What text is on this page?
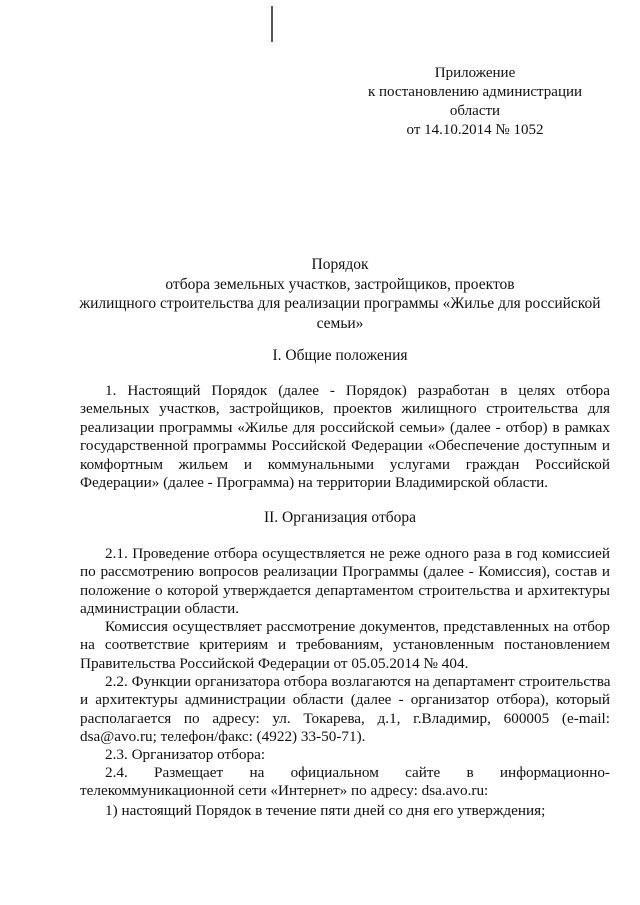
Приложение
к постановлению администрации
области
от 14.10.2014 № 1052
Порядок
отбора земельных участков, застройщиков, проектов
жилищного строительства для реализации программы «Жилье для российской
семьи»
I. Общие положения
1. Настоящий Порядок (далее - Порядок) разработан в целях отбора
земельных участков, застройщиков, проектов жилищного строительства для
реализации программы «Жилье для российской семьи» (далее - отбор) в рамках
государственной программы Российской Федерации «Обеспечение доступным и
комфортным жильем и коммунальными услугами граждан Российской
Федерации» (далее - Программа) на территории Владимирской области.
II. Организация отбора
2.1. Проведение отбора осуществляется не реже одного раза в год комиссией
по рассмотрению вопросов реализации Программы (далее - Комиссия), состав и
положение о которой утверждается департаментом строительства и архитектуры
администрации области.
Комиссия осуществляет рассмотрение документов, представленных на отбор
на соответствие критериям и требованиям, установленным постановлением
Правительства Российской Федерации от 05.05.2014 № 404.
2.2. Функции организатора отбора возлагаются на департамент строительства
и архитектуры администрации области (далее - организатор отбора), который
располагается по адресу: ул. Токарева, д.1, г.Владимир, 600005 (e-mail:
dsa@avo.ru; телефон/факс: (4922) 33-50-71).
2.3. Организатор отбора:
2.4. Размещает на официальном сайте в информационно-
телекоммуникационной сети «Интернет» по адресу: dsa.avo.ru:
1) настоящий Порядок в течение пяти дней со дня его утверждения;
